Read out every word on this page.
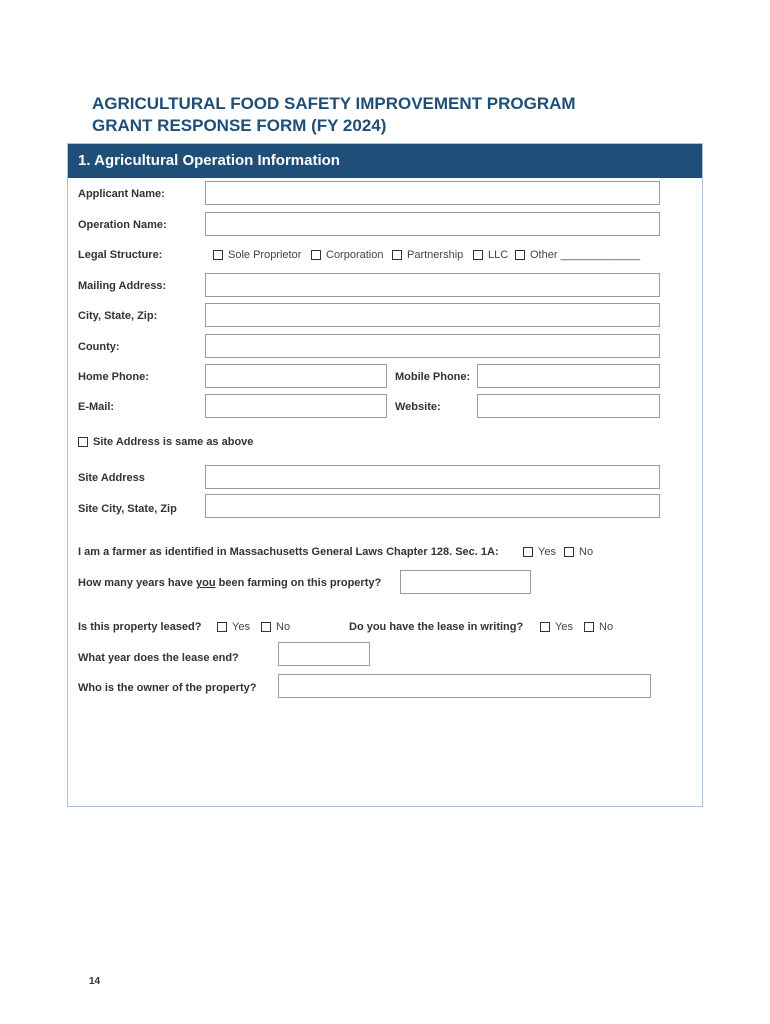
AGRICULTURAL FOOD SAFETY IMPROVEMENT PROGRAM
GRANT RESPONSE FORM (FY 2024)
1. Agricultural Operation Information
Applicant Name:
Operation Name:
Legal Structure:	Sole Proprietor Corporation Partnership LLC Other _____________
Mailing Address:
City, State, Zip:
County:
Home Phone:	Mobile Phone:
E-Mail:	Website:
Site Address is same as above
Site Address
Site City, State, Zip
I am a farmer as identified in Massachusetts General Laws Chapter 128. Sec. 1A:	Yes No
How many years have you been farming on this property?
Is this property leased?	Yes No	Do you have the lease in writing?	Yes No
What year does the lease end?
Who is the owner of the property?
14
